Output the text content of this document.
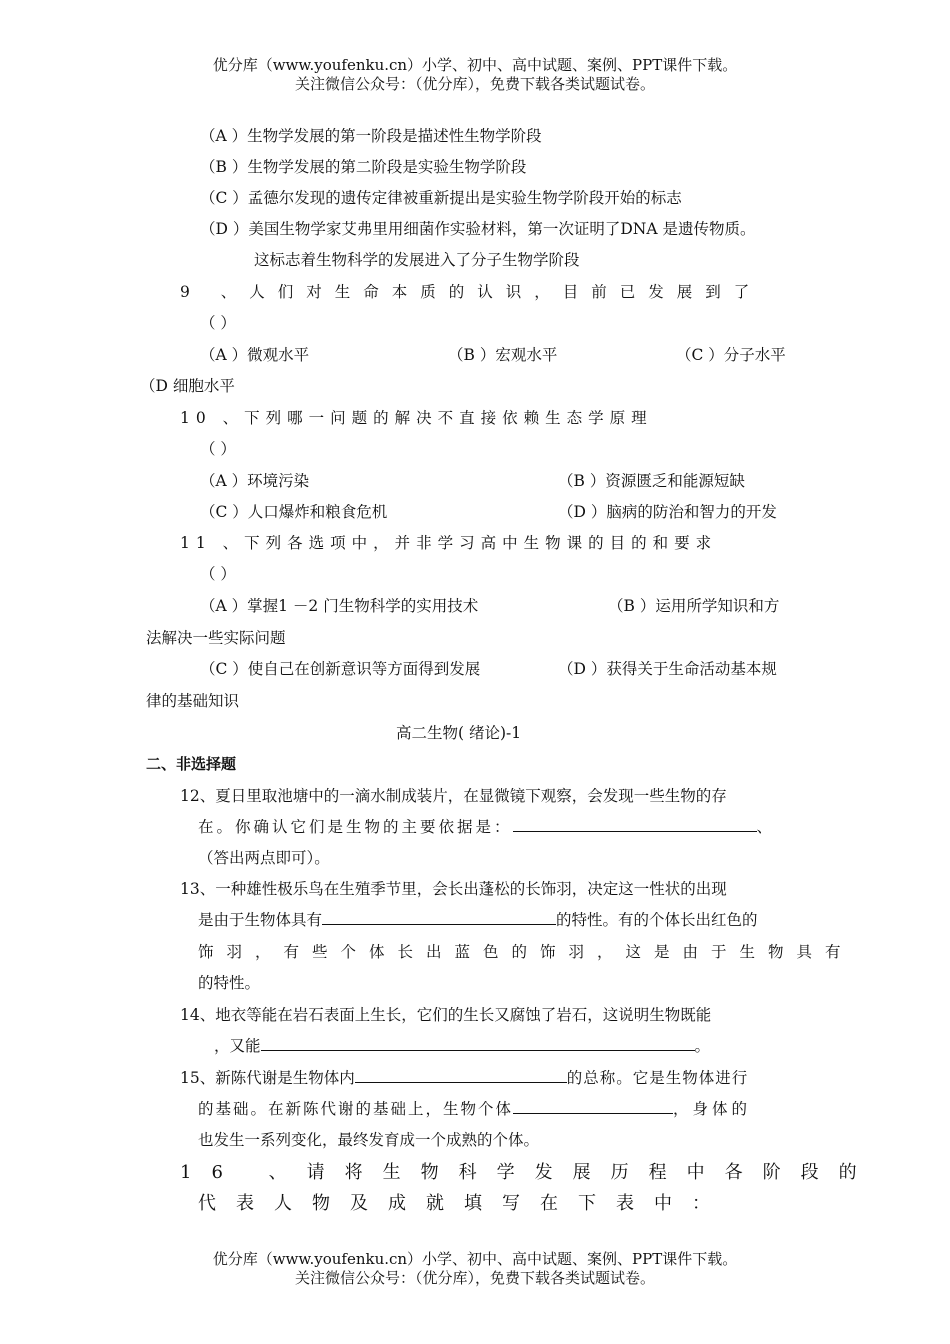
优分库（www.youfenku.cn）小学、初中、高中试题、案例、PPT课件下载。
关注微信公众号：（优分库），免费下载各类试题试卷。
（A ）生物学发展的第一阶段是描述性生物学阶段
（B ）生物学发展的第二阶段是实验生物学阶段
（C ）孟德尔发现的遗传定律被重新提出是实验生物学阶段开始的标志
（D ）美国生物学家艾弗里用细菌作实验材料，第一次证明了DNA 是遗传物质。
这标志着生物科学的发展进入了分子生物学阶段
9 、人们对生命本质的认识，目前已发展到了
（ ）
（A ）微观水平	（B ）宏观水平	（C ）分子水平
（D 细胞水平
10 、下列哪一问题的解决不直接依赖生态学原理
（ ）
（A ）环境污染	（B ）资源匮乏和能源短缺
（C ）人口爆炸和粮食危机	（D ）脑病的防治和智力的开发
11 、下列各选项中，并非学习高中生物课的目的和要求
（ ）
（A ）掌握1 －2 门生物科学的实用技术	（B ）运用所学知识和方
法解决一些实际问题
（C ）使自己在创新意识等方面得到发展	（D ）获得关于生命活动基本规
律的基础知识
高二生物( 绪论)-1
二、非选择题
12、夏日里取池塘中的一滴水制成装片，在显微镜下观察，会发现一些生物的存
在。你确认它们是生物的主要依据是：	、
（答出两点即可）。
13、一种雄性极乐鸟在生殖季节里，会长出蓬松的长饰羽，决定这一性状的出现
是由于生物体具有	的特性。有的个体长出红色的
饰羽，有些个体长出蓝色的饰羽，这是由于生物具有
的特性。
14、地衣等能在岩石表面上生长，它们的生长又腐蚀了岩石，这说明生物既能
，又能	。
15、新陈代谢是生物体内	的总称。它是生物体进行
的基础。在新陈代谢的基础上，生物个体	，身体的
也发生一系列变化，最终发育成一个成熟的个体。
16 、请将生物科学发展历程中各阶段的
代表人物及成就填写在下表中：
优分库（www.youfenku.cn）小学、初中、高中试题、案例、PPT课件下载。
关注微信公众号：（优分库），免费下载各类试题试卷。
